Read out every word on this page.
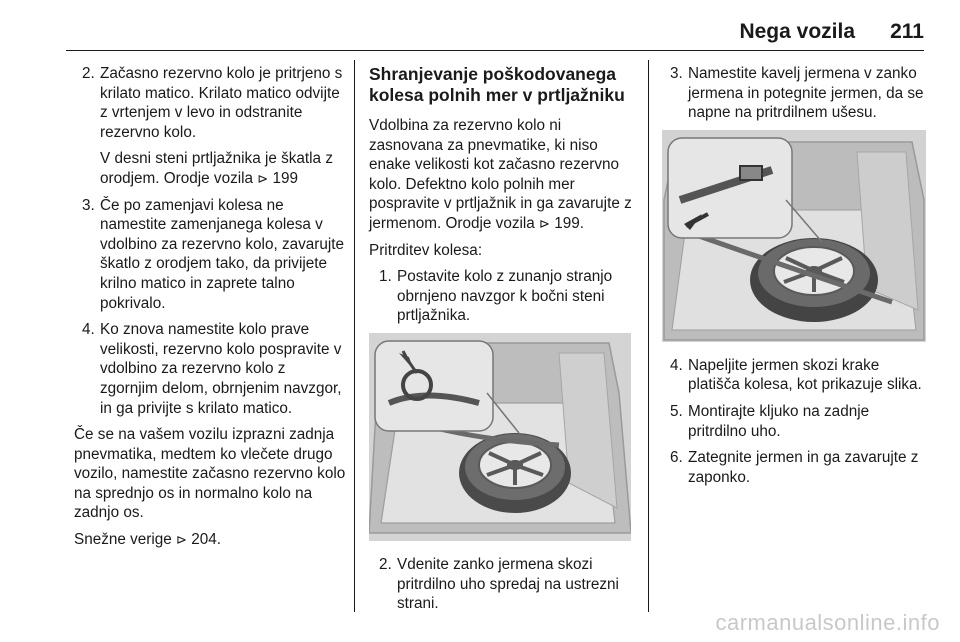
Nega vozila 211
2. Začasno rezervno kolo je pritrjeno s krilato matico. Krilato matico odvijte z vrtenjem v levo in odstranite rezervno kolo.
V desni steni prtljažnika je škatla z orodjem. Orodje vozila ⊳ 199
3. Če po zamenjavi kolesa ne namestite zamenjanega kolesa v vdolbino za rezervno kolo, zavarujte škatlo z orodjem tako, da privijete krilno matico in zaprete talno pokrivalo.
4. Ko znova namestite kolo prave velikosti, rezervno kolo pospravite v vdolbino za rezervno kolo z zgornjim delom, obrnjenim navzgor, in ga privijte s krilato matico.

Če se na vašem vozilu izprazni zadnja pnevmatika, medtem ko vlečete drugo vozilo, namestite začasno rezervno kolo na sprednjo os in normalno kolo na zadnjo os.

Snežne verige ⊳ 204.

Shranjevanje poškodovanega kolesa polnih mer v prtljažniku

Vdolbina za rezervno kolo ni zasnovana za pnevmatike, ki niso enake velikosti kot začasno rezervno kolo. Defektno kolo polnih mer pospravite v prtljažnik in ga zavarujte z jermenom. Orodje vozila ⊳ 199.

Pritrditev kolesa:

1. Postavite kolo z zunanjo stranjo obrnjeno navzgor k bočni steni prtljažnika.
2. Vdenite zanko jermena skozi pritrdilno uho spredaj na ustrezni strani.
3. Namestite kavelj jermena v zanko jermena in potegnite jermen, da se napne na pritrdilnem ušesu.
4. Napeljite jermen skozi krake platišča kolesa, kot prikazuje slika.
5. Montirajte kljuko na zadnje pritrdilno uho.
6. Zategnite jermen in ga zavarujte z zaponko.
carmanualsonline.info
